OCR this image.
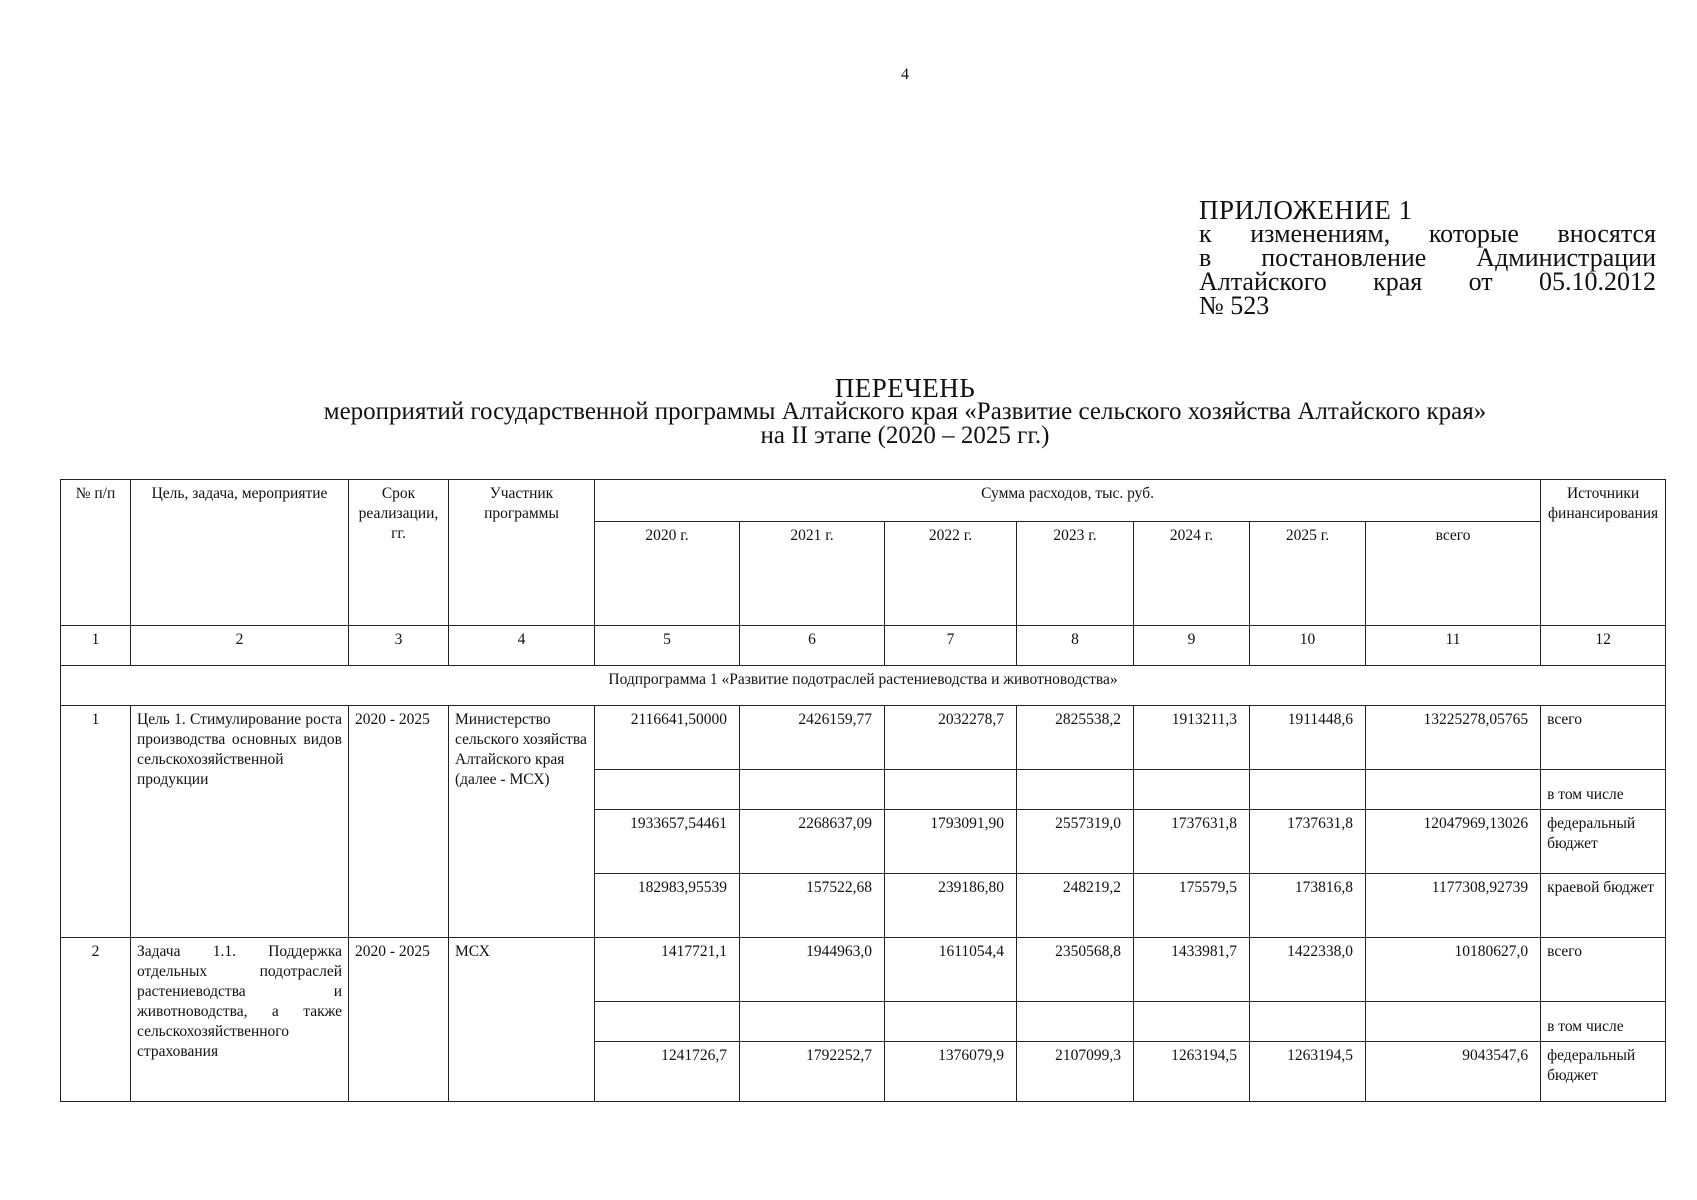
4
ПРИЛОЖЕНИЕ 1
к изменениям, которые вносятся
в постановление Администрации
Алтайского края от 05.10.2012
№ 523
ПЕРЕЧЕНЬ
мероприятий государственной программы Алтайского края «Развитие сельского хозяйства Алтайского края»
на II этапе (2020 – 2025 гг.)
№ п/п	Цель, задача, мероприятие	Срок реализации, гг.	Участник программы	Сумма расходов, тыс. руб.							Источники финансирования
				2020 г.	2021 г.	2022 г.	2023 г.	2024 г.	2025 г.	всего	
1	2	3	4	5	6	7	8	9	10	11	12
Подпрограмма 1 «Развитие подотраслей растениеводства и животноводства»											
1	Цель 1. Стимулирование роста производства основных видов сельскохозяйственной продукции	2020 - 2025	Министерство сельского хозяйства Алтайского края (далее - МСХ)	2116641,50000	2426159,77	2032278,7	2825538,2	1913211,3	1911448,6	13225278,05765	всего
											в том числе
				1933657,54461	2268637,09	1793091,90	2557319,0	1737631,8	1737631,8	12047969,13026	федеральный бюджет
				182983,95539	157522,68	239186,80	248219,2	175579,5	173816,8	1177308,92739	краевой бюджет
2	Задача 1.1. Поддержка отдельных подотраслей растениеводства и животноводства, а также сельскохозяйственного страхования	2020 - 2025	МСХ	1417721,1	1944963,0	1611054,4	2350568,8	1433981,7	1422338,0	10180627,0	всего
											в том числе
				1241726,7	1792252,7	1376079,9	2107099,3	1263194,5	1263194,5	9043547,6	федеральный бюджет
